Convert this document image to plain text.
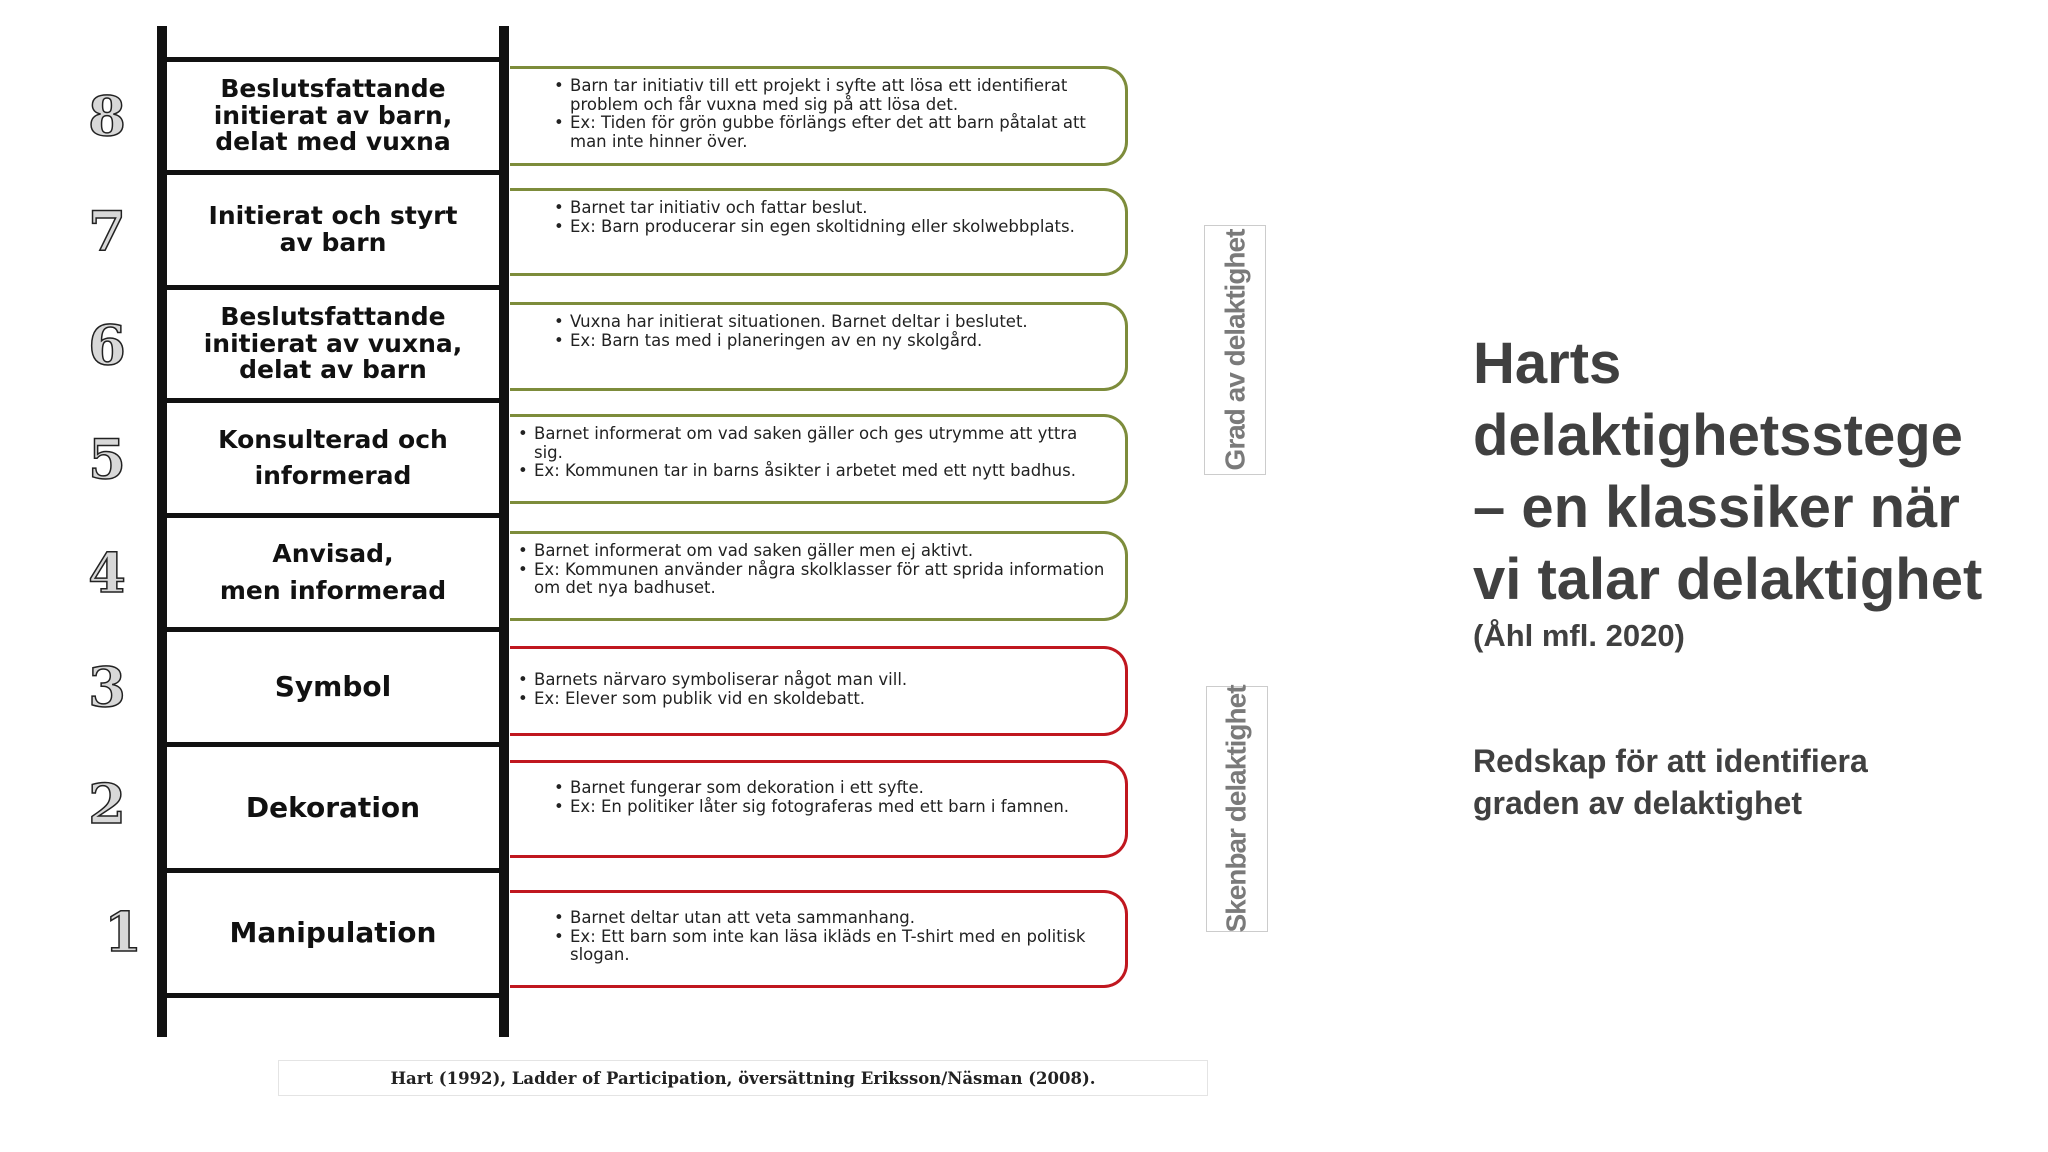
8	Beslutsfattande
initierat av barn,
delat med vuxna
• Barn tar initiativ till ett projekt i syfte att lösa ett identifierat problem och får vuxna med sig på att lösa det.
• Ex: Tiden för grön gubbe förlängs efter det att barn påtalat att man inte hinner över.
7	Initierat och styrt
av barn
• Barnet tar initiativ och fattar beslut.
• Ex: Barn producerar sin egen skoltidning eller skolwebbplats.
6	Beslutsfattande
initierat av vuxna,
delat av barn
• Vuxna har initierat situationen. Barnet deltar i beslutet.
• Ex: Barn tas med i planeringen av en ny skolgård.
5	Konsulterad och
informerad
• Barnet informerat om vad saken gäller och ges utrymme att yttra sig.
• Ex: Kommunen tar in barns åsikter i arbetet med ett nytt badhus.
4	Anvisad,
men informerad
• Barnet informerat om vad saken gäller men ej aktivt.
• Ex: Kommunen använder några skolklasser för att sprida information om det nya badhuset.
3	Symbol	• Barnets närvaro symboliserar något man vill.
• Ex: Elever som publik vid en skoldebatt.
2	Dekoration
• Barnet fungerar som dekoration i ett syfte.
• Ex: En politiker låter sig fotograferas med ett barn i famnen.
1	Manipulation	• Barnet deltar utan att veta sammanhang.
• Ex: Ett barn som inte kan läsa ikläds en T-shirt med en politisk slogan.
Grad av delaktighet
Skenbar delaktighet
Hart (1992), Ladder of Participation, översättning Eriksson/Näsman (2008).
Harts
delaktighetsstege
– en klassiker när
vi talar delaktighet
(Åhl mfl. 2020)
Redskap för att identifiera
graden av delaktighet
